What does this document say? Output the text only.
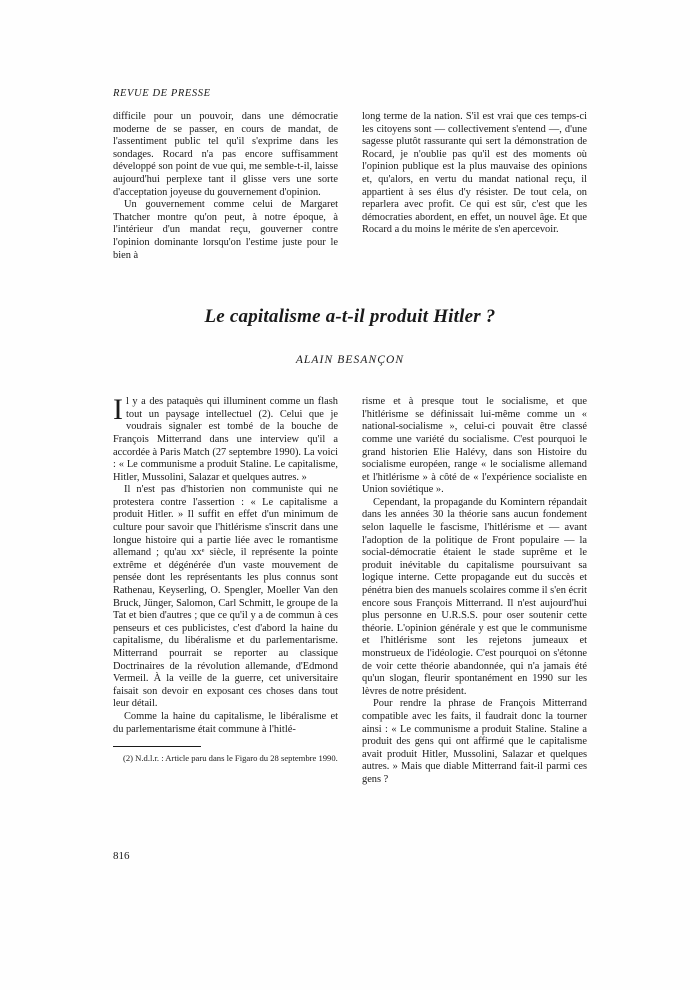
REVUE DE PRESSE

difficile pour un pouvoir, dans une démocratie moderne de se passer, en cours de mandat, de l'assentiment public tel qu'il s'exprime dans les sondages. Rocard n'a pas encore suffisamment développé son point de vue qui, me semble-t-il, laisse aujourd'hui perplexe tant il glisse vers une sorte d'acceptation joyeuse du gouvernement d'opinion.

Un gouvernement comme celui de Margaret Thatcher montre qu'on peut, à notre époque, à l'intérieur d'un mandat reçu, gouverner contre l'opinion dominante lorsqu'on l'estime juste pour le bien à

long terme de la nation. S'il est vrai que ces temps-ci les citoyens sont — collectivement s'entend —, d'une sagesse plutôt rassurante qui sert la démonstration de Rocard, je n'oublie pas qu'il est des moments où l'opinion publique est la plus mauvaise des opinions et, qu'alors, en vertu du mandat national reçu, il appartient à ses élus d'y résister. De tout cela, on reparlera avec profit. Ce qui est sûr, c'est que les démocraties abordent, en effet, un nouvel âge. Et que Rocard a du moins le mérite de s'en apercevoir.

Le capitalisme a-t-il produit Hitler ?
ALAIN BESANÇON

Il y a des pataquès qui illuminent comme un flash tout un paysage intellectuel (2). Celui que je voudrais signaler est tombé de la bouche de François Mitterrand dans une interview qu'il a accordée à Paris Match (27 septembre 1990). La voici : « Le communisme a produit Staline. Le capitalisme, Hitler, Mussolini, Salazar et quelques autres. »

Il n'est pas d'historien non communiste qui ne protestera contre l'assertion : « Le capitalisme a produit Hitler. » Il suffit en effet d'un minimum de culture pour savoir que l'hitlérisme s'inscrit dans une longue histoire qui a partie liée avec le romantisme allemand ; qu'au xxᵉ siècle, il représente la pointe extrême et dégénérée d'un vaste mouvement de pensée dont les représentants les plus connus sont Rathenau, Keyserling, O. Spengler, Moeller Van den Bruck, Jünger, Salomon, Carl Schmitt, le groupe de la Tat et bien d'autres ; que ce qu'il y a de commun à ces penseurs et ces publicistes, c'est d'abord la haine du capitalisme, du libéralisme et du parlementarisme. Mitterrand pourrait se reporter au classique Doctrinaires de la révolution allemande, d'Edmond Vermeil. À la veille de la guerre, cet universitaire faisait son devoir en exposant ces choses dans tout leur détail.

Comme la haine du capitalisme, le libéralisme et du parlementarisme était commune à l'hitlé-

(2) N.d.l.r. : Article paru dans le Figaro du 28 septembre 1990.

risme et à presque tout le socialisme, et que l'hitlérisme se définissait lui-même comme un « national-socialisme », celui-ci pouvait être classé comme une variété du socialisme. C'est pourquoi le grand historien Elie Halévy, dans son Histoire du socialisme européen, range « le socialisme allemand et l'hitlérisme » à côté de « l'expérience socialiste en Union soviétique ».

Cependant, la propagande du Komintern répandait dans les années 30 la théorie sans aucun fondement selon laquelle le fascisme, l'hitlérisme et — avant l'adoption de la politique de Front populaire — la social-démocratie étaient le stade suprême et le produit inévitable du capitalisme poursuivant sa logique interne. Cette propagande eut du succès et pénétra bien des manuels scolaires comme il s'en écrit encore sous François Mitterrand. Il n'est aujourd'hui plus personne en U.R.S.S. pour oser soutenir cette théorie. L'opinion générale y est que le communisme et l'hitlérisme sont les rejetons jumeaux et monstrueux de l'idéologie. C'est pourquoi on s'étonne de voir cette théorie abandonnée, qui n'a jamais été qu'un slogan, fleurir spontanément en 1990 sur les lèvres de notre président.

Pour rendre la phrase de François Mitterrand compatible avec les faits, il faudrait donc la tourner ainsi : « Le communisme a produit Staline. Staline a produit des gens qui ont affirmé que le capitalisme avait produit Hitler, Mussolini, Salazar et quelques autres. » Mais que diable Mitterrand fait-il parmi ces gens ?

816
